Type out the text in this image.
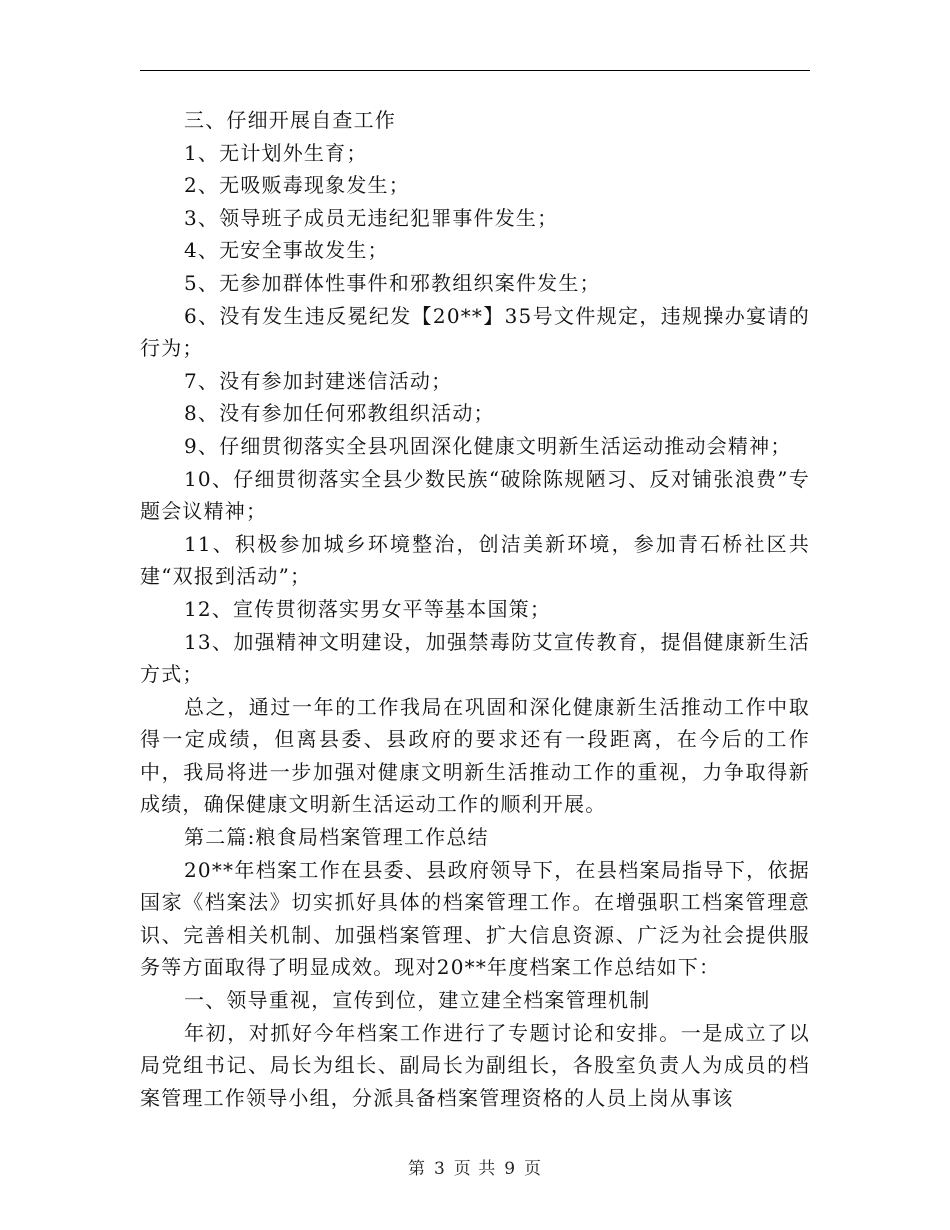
三、仔细开展自查工作

1、无计划外生育；

2、无吸贩毒现象发生；

3、领导班子成员无违纪犯罪事件发生；

4、无安全事故发生；

5、无参加群体性事件和邪教组织案件发生；

6、没有发生违反冕纪发【20**】35号文件规定，违规操办宴请的行为；

7、没有参加封建迷信活动；

8、没有参加任何邪教组织活动；

9、仔细贯彻落实全县巩固深化健康文明新生活运动推动会精神；

10、仔细贯彻落实全县少数民族“破除陈规陋习、反对铺张浪费”专题会议精神；

11、积极参加城乡环境整治，创洁美新环境，参加青石桥社区共建“双报到活动”；

12、宣传贯彻落实男女平等基本国策；

13、加强精神文明建设，加强禁毒防艾宣传教育，提倡健康新生活方式；

总之，通过一年的工作我局在巩固和深化健康新生活推动工作中取得一定成绩，但离县委、县政府的要求还有一段距离，在今后的工作中，我局将进一步加强对健康文明新生活推动工作的重视，力争取得新成绩，确保健康文明新生活运动工作的顺利开展。

第二篇:粮食局档案管理工作总结

20**年档案工作在县委、县政府领导下，在县档案局指导下，依据国家《档案法》切实抓好具体的档案管理工作。在增强职工档案管理意识、完善相关机制、加强档案管理、扩大信息资源、广泛为社会提供服务等方面取得了明显成效。现对20**年度档案工作总结如下：

一、领导重视，宣传到位，建立建全档案管理机制

年初，对抓好今年档案工作进行了专题讨论和安排。一是成立了以局党组书记、局长为组长、副局长为副组长，各股室负责人为成员的档案管理工作领导小组，分派具备档案管理资格的人员上岗从事该

第 3 页 共 9 页
